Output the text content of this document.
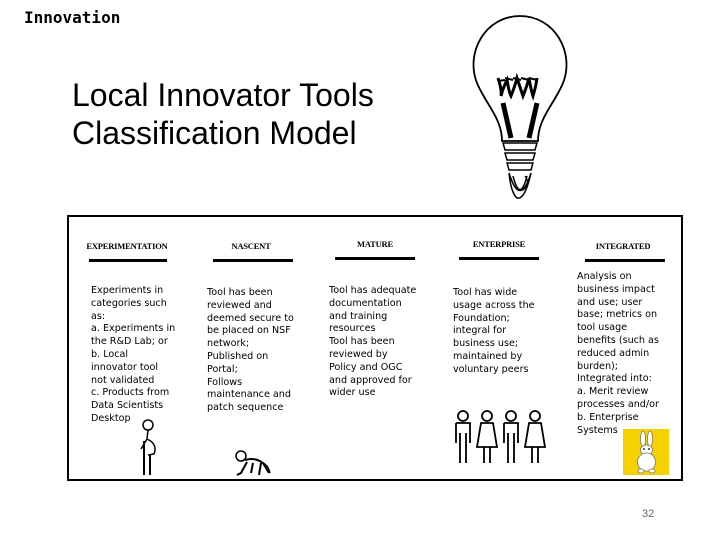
Innovation
Local Innovator Tools
Classification Model
EXPERIMENTATION
Experiments in
categories such
as:
a. Experiments in
the R&D Lab; or
b. Local
innovator tool
not validated
c. Products from
Data Scientists
Desktop
NASCENT
Tool has been
reviewed and
deemed secure to
be placed on NSF
network;
Published on
Portal;
Follows
maintenance and
patch sequence
MATURE
Tool has adequate
documentation
and training
resources
Tool has been
reviewed by
Policy and OGC
and approved for
wider use
ENTERPRISE
Tool has wide
usage across the
Foundation;
integral for
business use;
maintained by
voluntary peers
INTEGRATED
Analysis on
business impact
and use; user
base; metrics on
tool usage
benefits (such as
reduced admin
burden);
Integrated into:
a. Merit review
processes and/or
b. Enterprise
Systems
32
